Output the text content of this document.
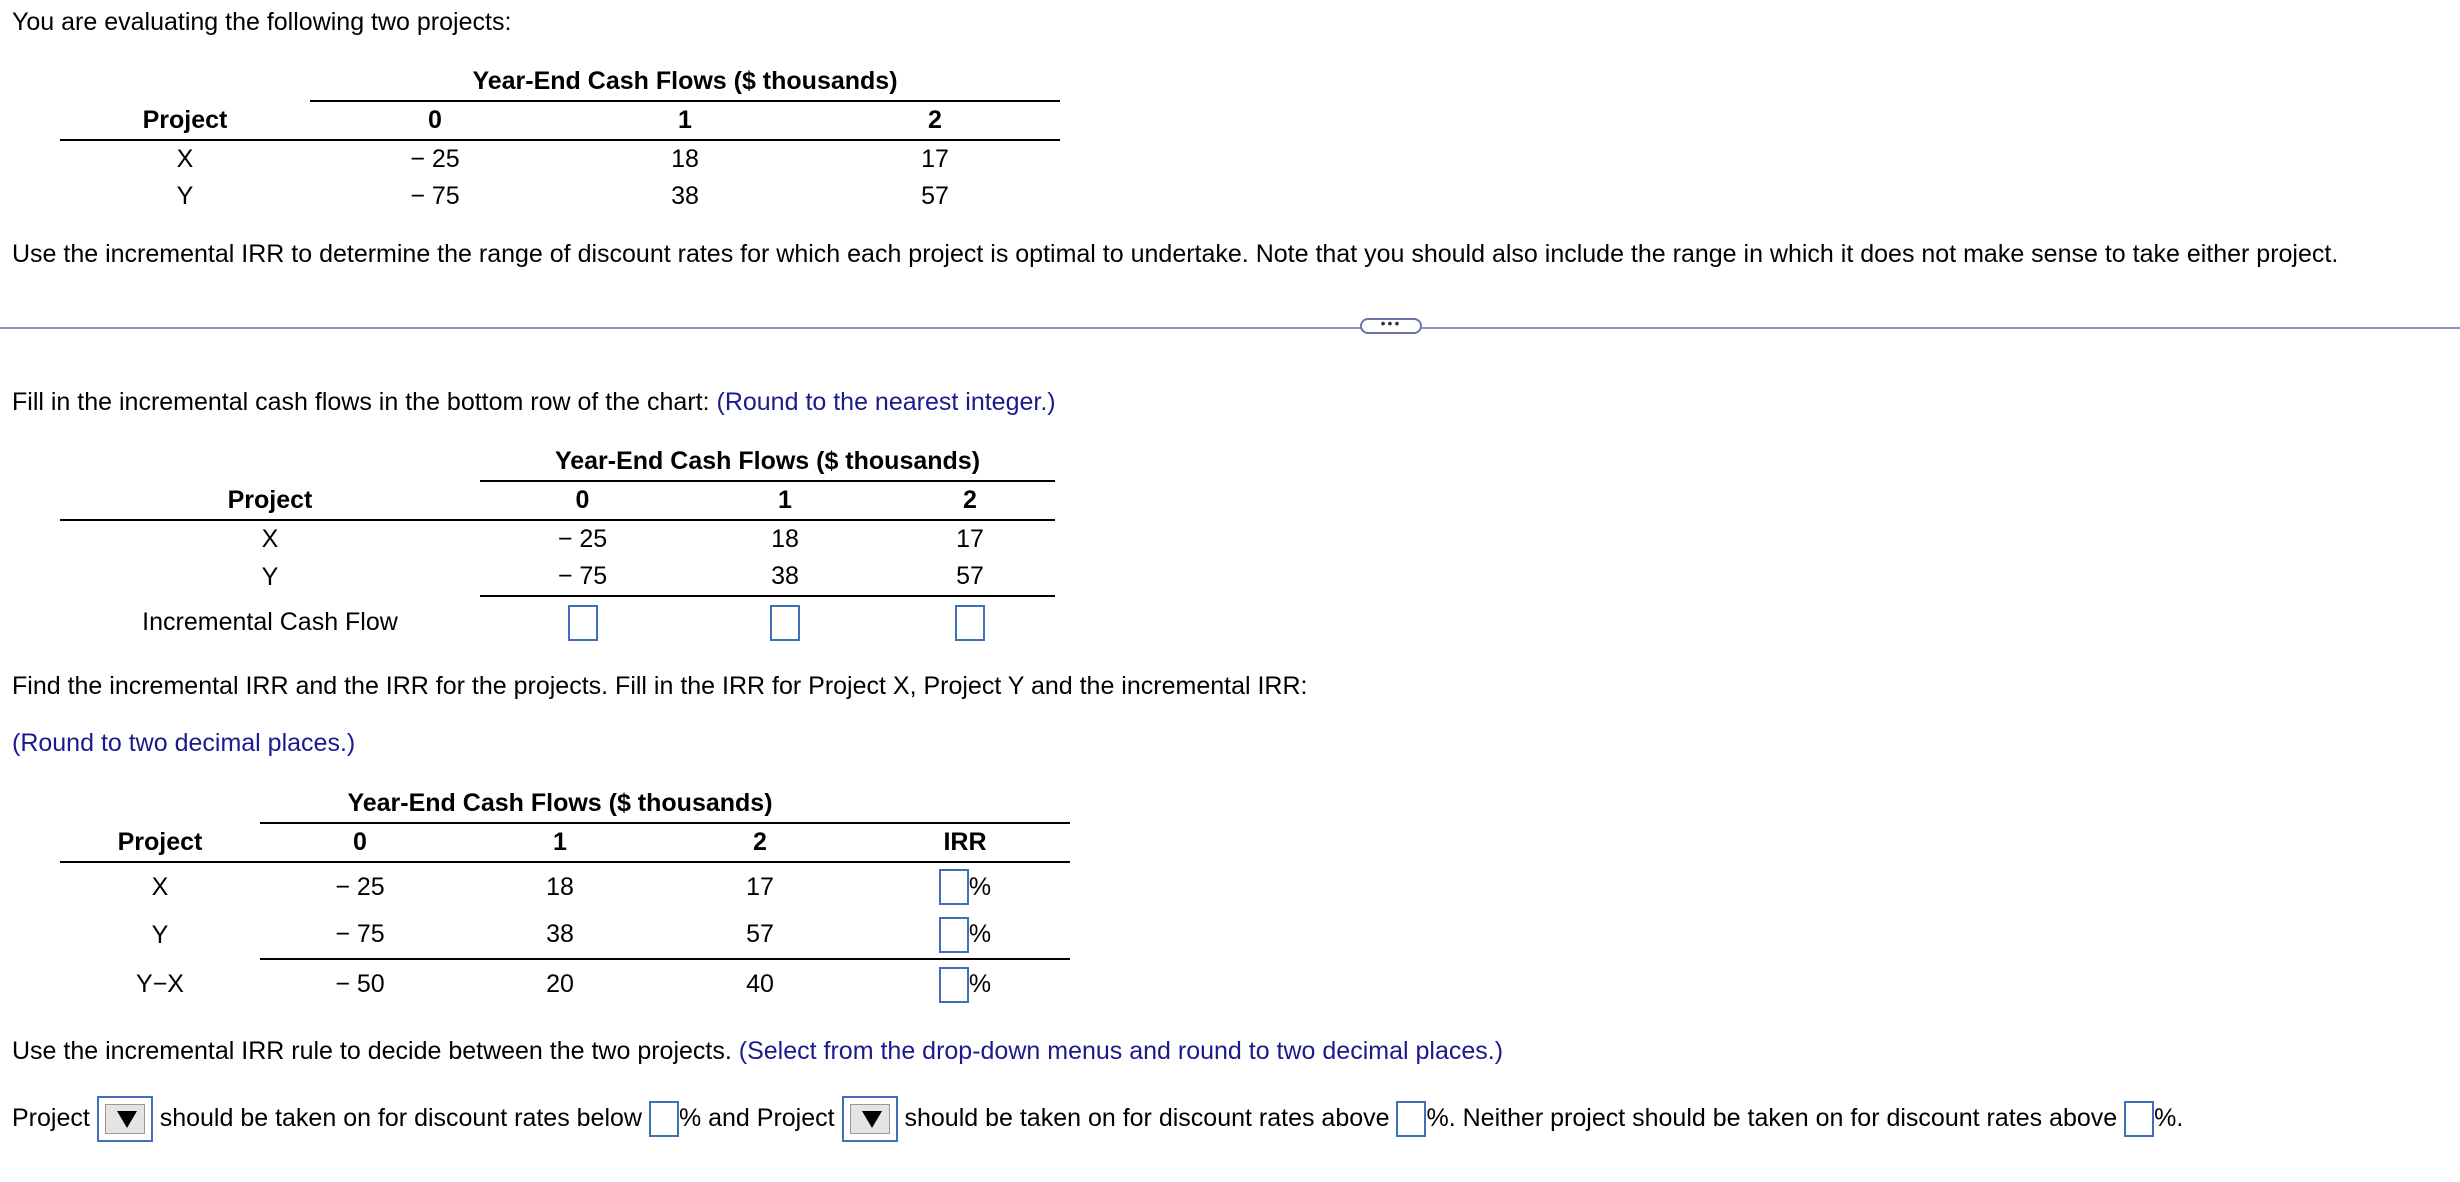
You are evaluating the following two projects:
	Year-End Cash Flows ($ thousands)		
Project	0	1	2
X	− 25	18	17
Y	− 75	38	57
Use the incremental IRR to determine the range of discount rates for which each project is optimal to undertake. Note that you should also include the range in which it does not make sense to take either project.
•••
Fill in the incremental cash flows in the bottom row of the chart: (Round to the nearest integer.)
	Year-End Cash Flows ($ thousands)		
Project	0	1	2
X	− 25	18	17
Y	− 75	38	57
Incremental Cash Flow			
Find the incremental IRR and the IRR for the projects. Fill in the IRR for Project X, Project Y and the incremental IRR:
(Round to two decimal places.)
	Year-End Cash Flows ($ thousands)			
Project	0	1	2	IRR
X	− 25	18	17	%
Y	− 75	38	57	%
Y−X	− 50	20	40	%
Use the incremental IRR rule to decide between the two projects. (Select from the drop-down menus and round to two decimal places.)
Project	should be taken on for discount rates below % and Project	should be taken on for discount rates above %. Neither project should be taken on for discount rates above %.
